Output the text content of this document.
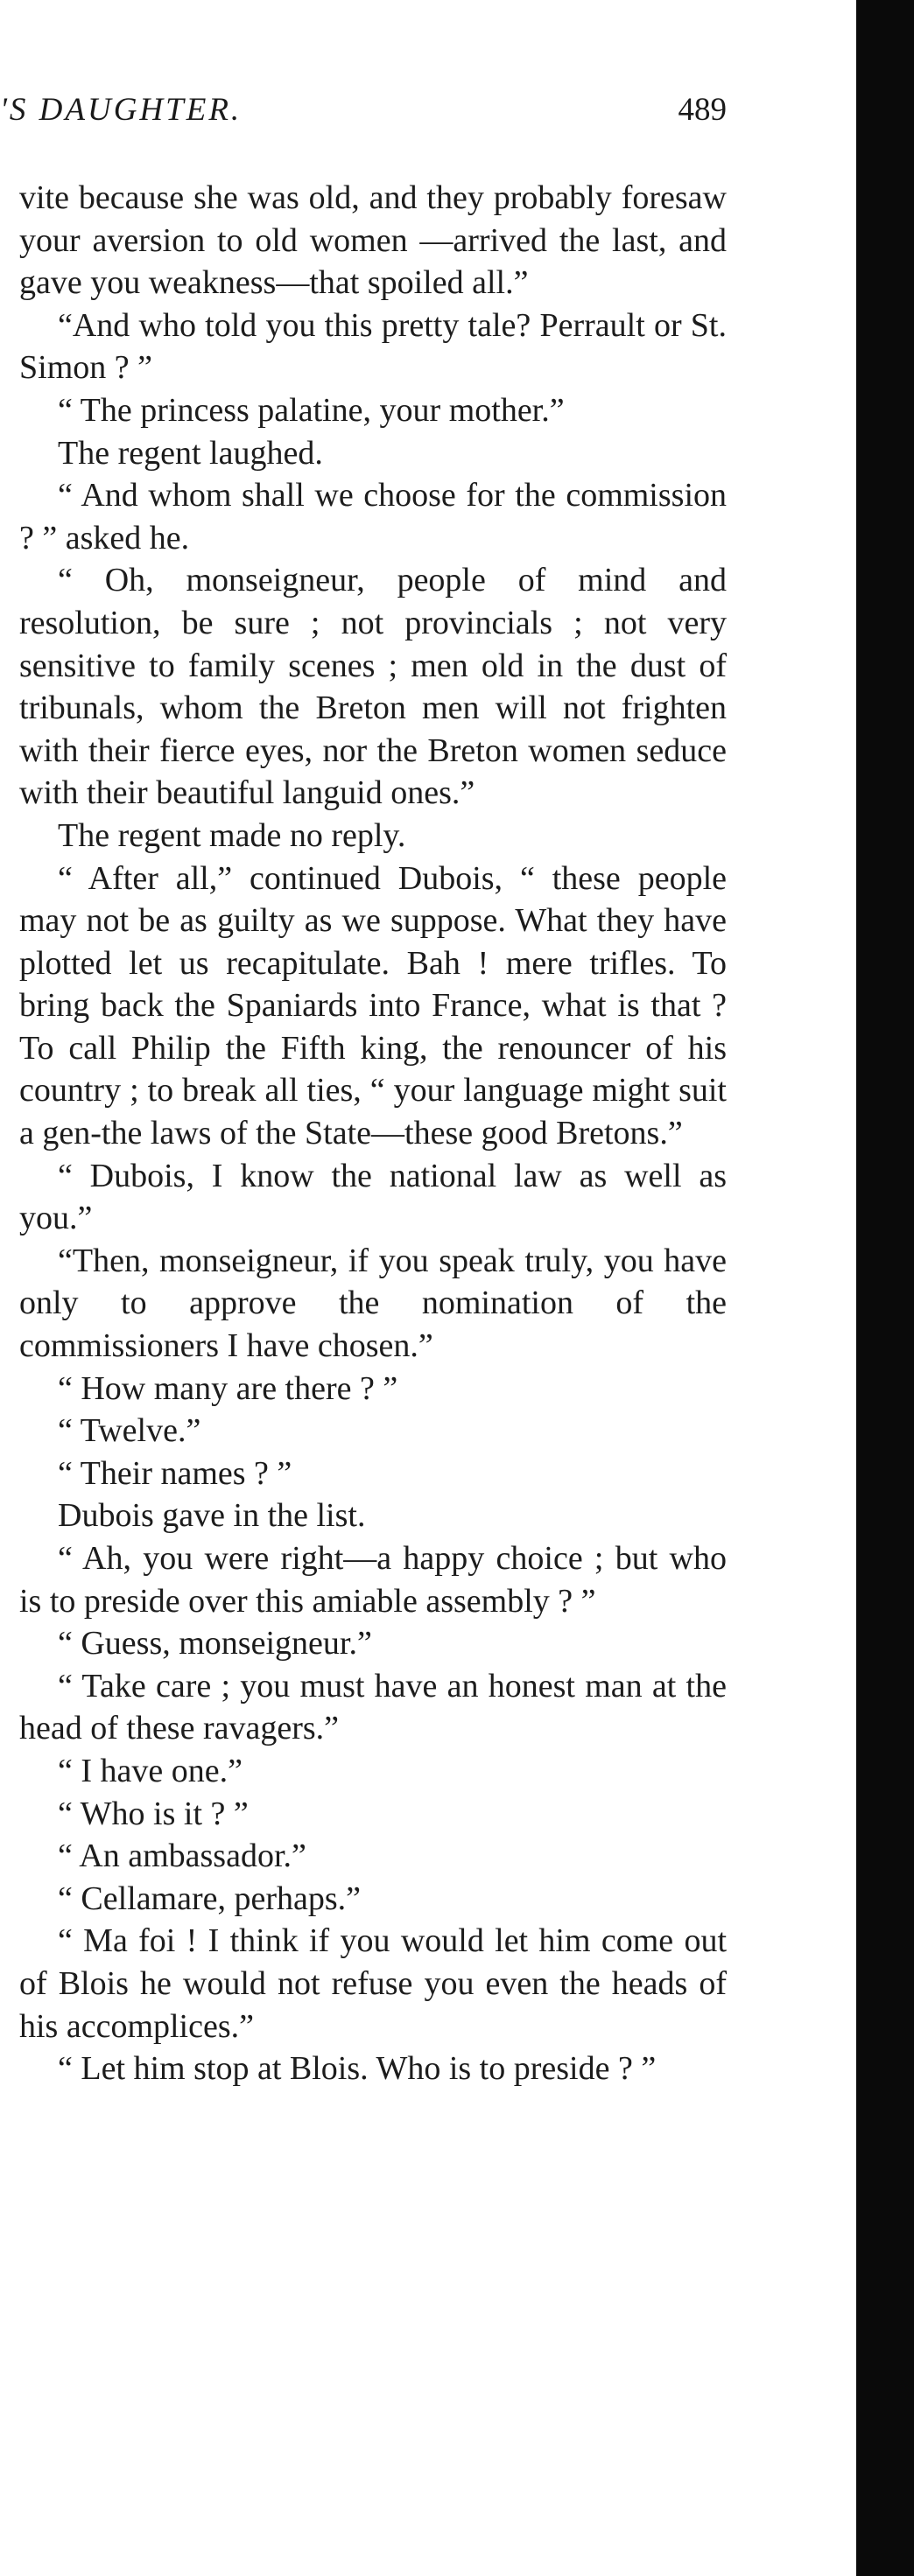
'S DAUGHTER.	489

vite because she was old, and they probably foresaw your aversion to old women —arrived the last, and gave you weakness—that spoiled all.”

“And who told you this pretty tale? Perrault or St. Simon ? ”

“ The princess palatine, your mother.”

The regent laughed.

“ And whom shall we choose for the commission ? ” asked he.

“ Oh, monseigneur, people of mind and resolution, be sure ; not provincials ; not very sensitive to family scenes ; men old in the dust of tribunals, whom the Breton men will not frighten with their fierce eyes, nor the Breton women seduce with their beautiful languid ones.”

The regent made no reply.

“ After all,” continued Dubois, “ these people may not be as guilty as we suppose. What they have plotted let us recapitulate. Bah ! mere trifles. To bring back the Spaniards into France, what is that ? To call Philip the Fifth king, the renouncer of his country ; to break all ties, “ your language might suit a gen-the laws of the State—these good Bretons.”

“ Dubois, I know the national law as well as you.”

“Then, monseigneur, if you speak truly, you have only to approve the nomination of the commissioners I have chosen.”

“ How many are there ? ”

“ Twelve.”

“ Their names ? ”

Dubois gave in the list.

“ Ah, you were right—a happy choice ; but who is to preside over this amiable assembly ? ”

“ Guess, monseigneur.”

“ Take care ; you must have an honest man at the head of these ravagers.”

“ I have one.”

“ Who is it ? ”

“ An ambassador.”

“ Cellamare, perhaps.”

“ Ma foi ! I think if you would let him come out of Blois he would not refuse you even the heads of his accomplices.”

“ Let him stop at Blois. Who is to preside ? ”
